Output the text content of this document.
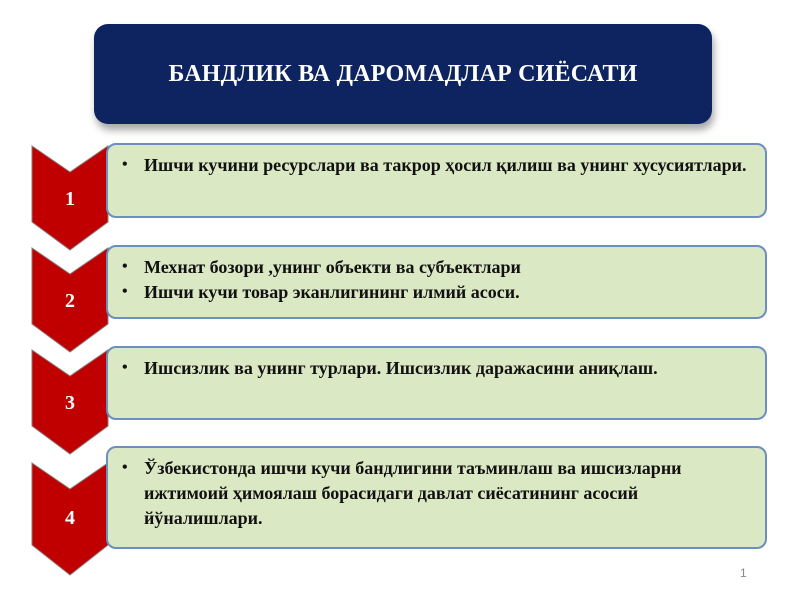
БАНДЛИК ВА ДАРОМАДЛАР СИЁСАТИ
1
• Ишчи кучини ресурслари ва такрор ҳосил қилиш ва унинг хусусиятлари.
2
• Мехнат бозори ,унинг объекти ва субъектлари
• Ишчи кучи товар эканлигининг илмий асоси.
3
• Ишсизлик ва унинг турлари. Ишсизлик даражасини аниқлаш.
4
• Ўзбекистонда ишчи кучи бандлигини таъминлаш ва ишсизларни ижтимоий ҳимоялаш борасидаги давлат сиёсатининг асосий йўналишлари.
1
